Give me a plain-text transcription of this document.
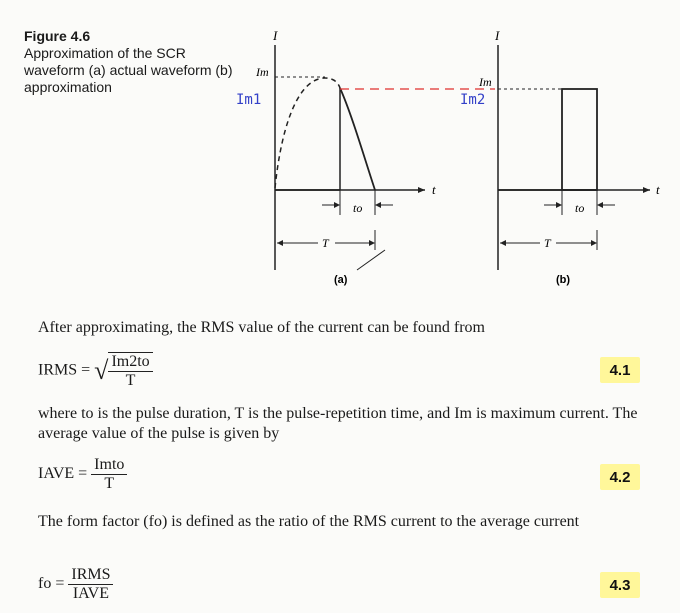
Figure 4.6
Approximation of the SCR waveform (a) actual waveform (b) approximation
I
t
Im
to
T
(a)
Im1
I
t
Im
to
T
(b)
Im2
After approximating, the RMS value of the current can be found from
IRMS = √ $\frac{Im2to}{T}$	4.1
where to is the pulse duration, T is the pulse-repetition time, and Im is maximum current. The average value of the pulse is given by
IAVE = $\frac{\text{Imto}}{T}$	4.2
The form factor (fo) is defined as the ratio of the RMS current to the average current
fo = $\frac{\text{IRMS}}{\text{IAVE}}$	4.3
